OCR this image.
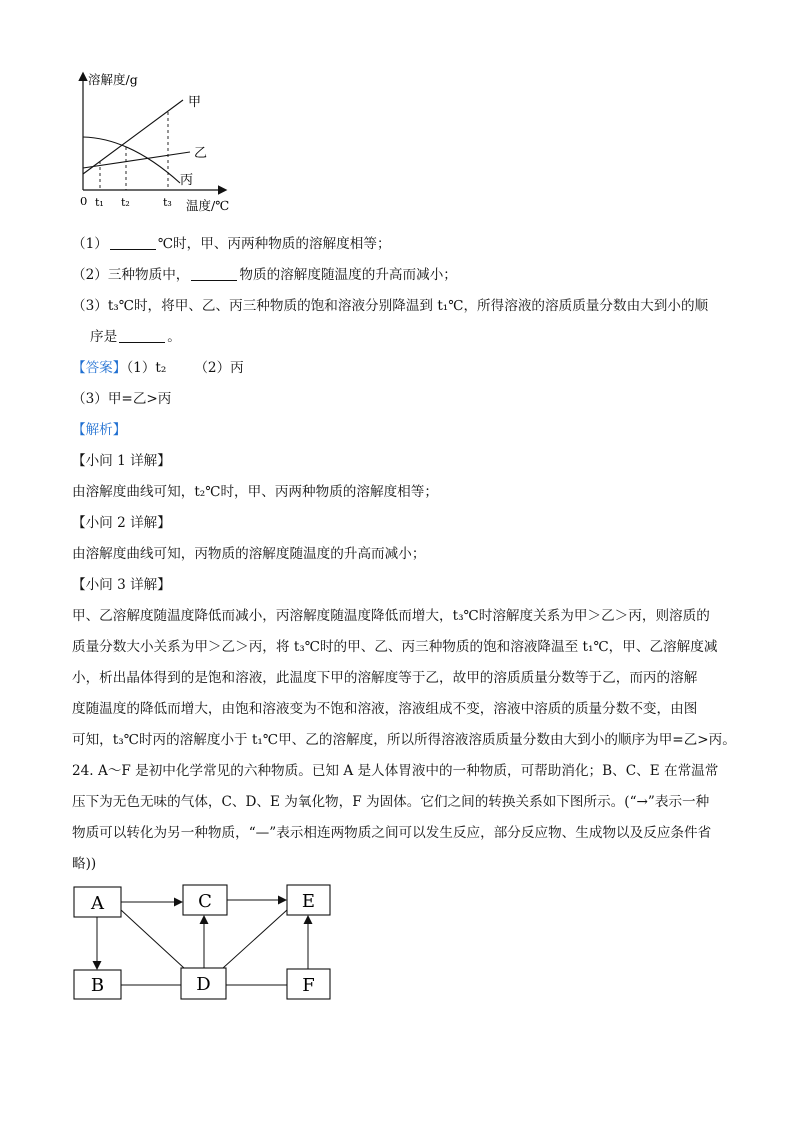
溶解度/g
温度/℃
0 t₁ t₂	t₃
甲
乙
丙
（1）	℃时，甲、丙两种物质的溶解度相等；
（2）三种物质中，	物质的溶解度随温度的升高而减小；
（3）t₃℃时，将甲、乙、丙三种物质的饱和溶液分别降温到 t₁℃，所得溶液的溶质质量分数由大到小的顺
序是	。
【答案】（1）t₂ （2）丙
（3）甲=乙>丙
【解析】
【小问 1 详解】
由溶解度曲线可知，t₂℃时，甲、丙两种物质的溶解度相等；
【小问 2 详解】
由溶解度曲线可知，丙物质的溶解度随温度的升高而减小；
【小问 3 详解】
甲、乙溶解度随温度降低而减小，丙溶解度随温度降低而增大，t₃℃时溶解度关系为甲＞乙＞丙，则溶质的
质量分数大小关系为甲＞乙＞丙，将 t₃℃时的甲、乙、丙三种物质的饱和溶液降温至 t₁℃，甲、乙溶解度减
小，析出晶体得到的是饱和溶液，此温度下甲的溶解度等于乙，故甲的溶质质量分数等于乙，而丙的溶解
度随温度的降低而增大，由饱和溶液变为不饱和溶液，溶液组成不变，溶液中溶质的质量分数不变，由图
可知，t₃℃时丙的溶解度小于 t₁℃甲、乙的溶解度，所以所得溶液溶质质量分数由大到小的顺序为甲=乙>丙。
24. A～F 是初中化学常见的六种物质。已知 A 是人体胃液中的一种物质，可帮助消化；B、C、E 在常温常
压下为无色无味的气体，C、D、E 为氧化物，F 为固体。它们之间的转换关系如下图所示。(“→”表示一种
物质可以转化为另一种物质，“—”表示相连两物质之间可以发生反应，部分反应物、生成物以及反应条件省
略))
A	C	E
B	D	F
